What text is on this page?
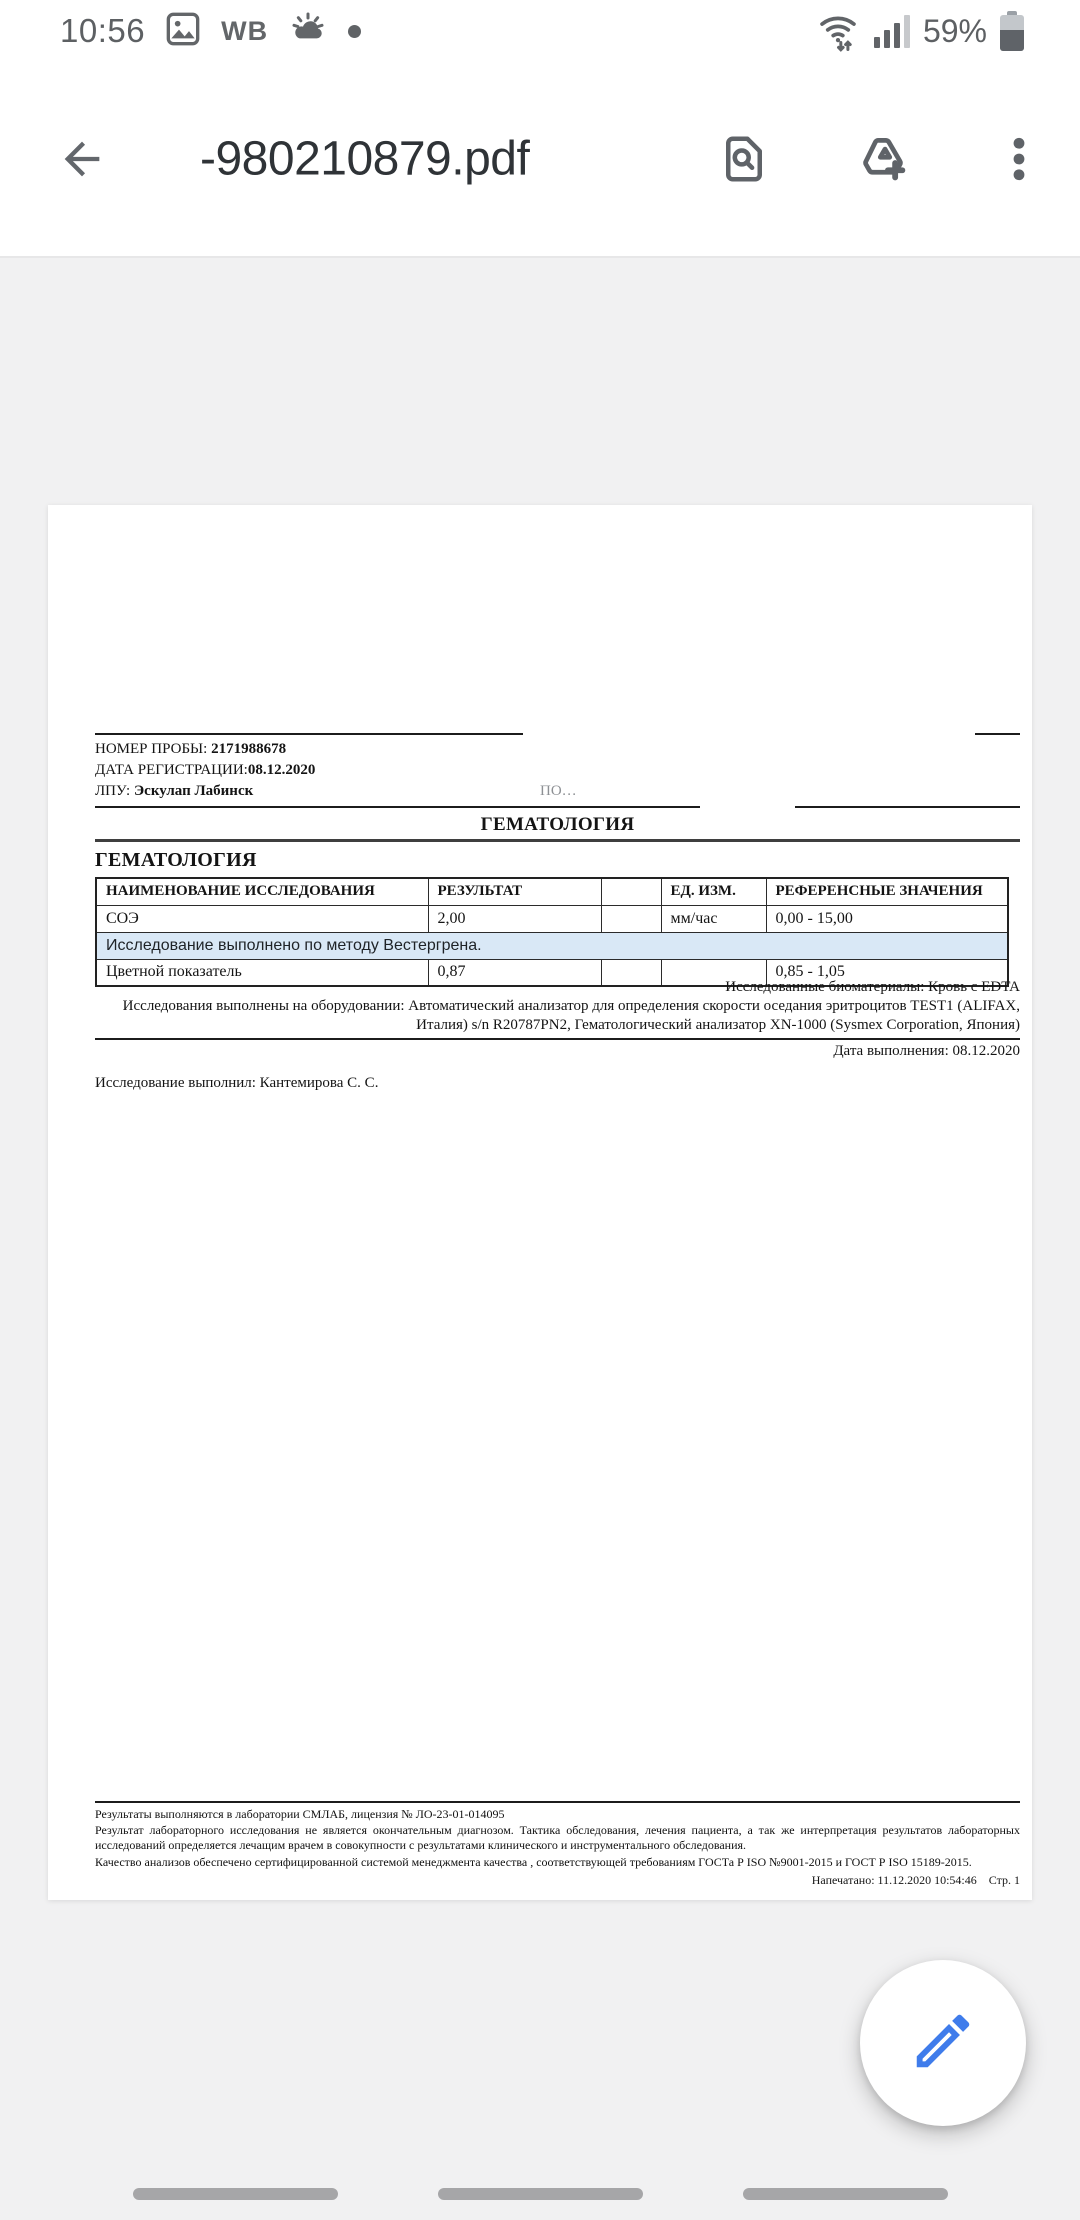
10:56	WB	59%
-980210879.pdf
НОМЕР ПРОБЫ: 2171988678
ДАТА РЕГИСТРАЦИИ:08.12.2020
ЛПУ: Эскулап Лабинск	ПО…
ГЕМАТОЛОГИЯ
ГЕМАТОЛОГИЯ
НАИМЕНОВАНИЕ ИССЛЕДОВАНИЯ	РЕЗУЛЬТАТ		ЕД. ИЗМ.	РЕФЕРЕНСНЫЕ ЗНАЧЕНИЯ
СОЭ	2,00		мм/час	0,00 - 15,00
Исследование выполнено по методу Вестергрена.				
Цветной показатель	0,87			0,85 - 1,05
Исследованные биоматериалы: Кровь с EDTA
Исследования выполнены на оборудовании: Автоматический анализатор для определения скорости оседания эритроцитов TEST1 (ALIFAX, Италия) s/n R20787PN2, Гематологический анализатор XN-1000 (Sysmex Corporation, Япония)
Дата выполнения: 08.12.2020
Исследование выполнил: Кантемирова С. С.
Результаты выполняются в лаборатории СМЛАБ, лицензия № ЛО-23-01-014095
Результат лабораторного исследования не является окончательным диагнозом. Тактика обследования, лечения пациента, а так же интерпретация результатов лабораторных исследований определяется лечащим врачем в совокупности с результатами клинического и инструментального обследования.
Качество анализов обеспечено сертифицированной системой менеджмента качества , соответствующей требованиям ГОСТа Р ISO №9001-2015 и ГОСТ Р ISO 15189-2015.
Напечатано: 11.12.2020 10:54:46    Стр. 1
